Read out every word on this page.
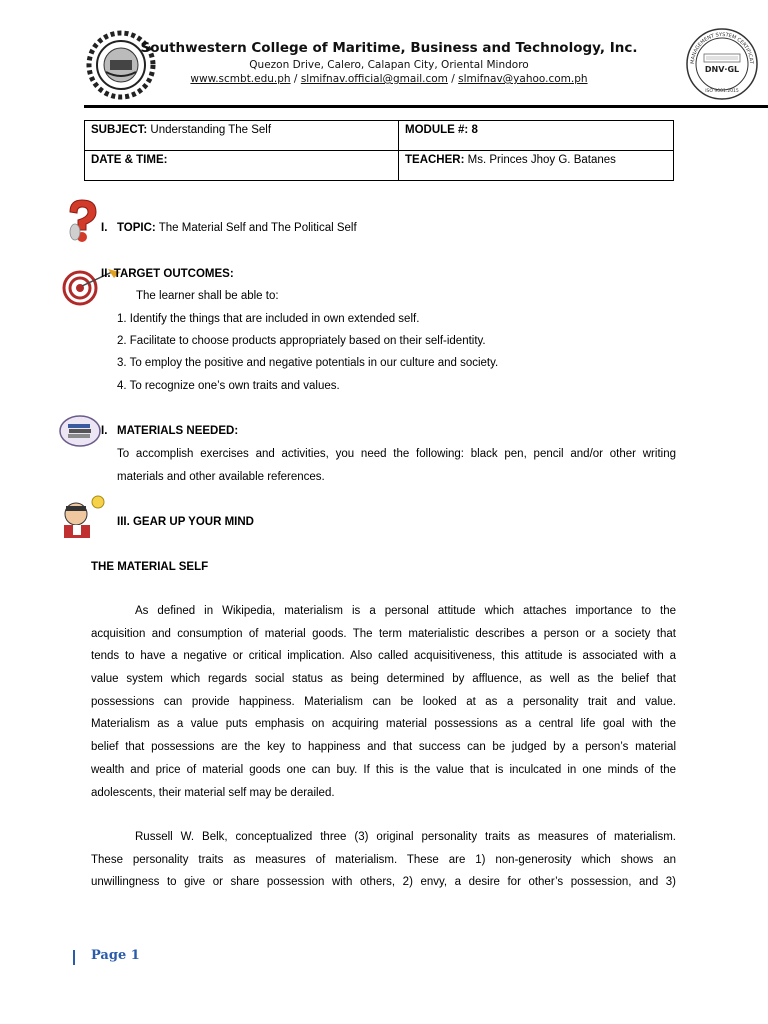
Southwestern College of Maritime, Business and Technology, Inc.
Quezon Drive, Calero, Calapan City, Oriental Mindoro
www.scmbt.edu.ph / slmifnav.official@gmail.com / slmifnav@yahoo.com.ph
MANAGEMENT SYSTEM CERTIFICAT
DNV·GL
ISO 9001:2015
SUBJECT: Understanding The Self	MODULE #: 8
DATE & TIME:	TEACHER: Ms. Princes Jhoy G. Batanes
I. TOPIC: The Material Self and The Political Self
II. TARGET OUTCOMES:
The learner shall be able to:
1. Identify the things that are included in own extended self.
2. Facilitate to choose products appropriately based on their self-identity.
3. To employ the positive and negative potentials in our culture and society.
4. To recognize one’s own traits and values.
I. MATERIALS NEEDED:
To accomplish exercises and activities, you need the following: black pen, pencil and/or other writing
materials and other available references.
III. GEAR UP YOUR MIND
THE MATERIAL SELF
As defined in Wikipedia, materialism is a personal attitude which attaches importance to the
acquisition and consumption of material goods. The term materialistic describes a person or a society that
tends to have a negative or critical implication. Also called acquisitiveness, this attitude is associated with a
value system which regards social status as being determined by affluence, as well as the belief that
possessions can provide happiness. Materialism can be looked at as a personality trait and value.
Materialism as a value puts emphasis on acquiring material possessions as a central life goal with the
belief that possessions are the key to happiness and that success can be judged by a person’s material
wealth and price of material goods one can buy. If this is the value that is inculcated in one minds of the
adolescents, their material self may be derailed.
Russell W. Belk, conceptualized three (3) original personality traits as measures of materialism.
These personality traits as measures of materialism. These are 1) non-generosity which shows an
unwillingness to give or share possession with others, 2) envy, a desire for other’s possession, and 3)
Page 1
